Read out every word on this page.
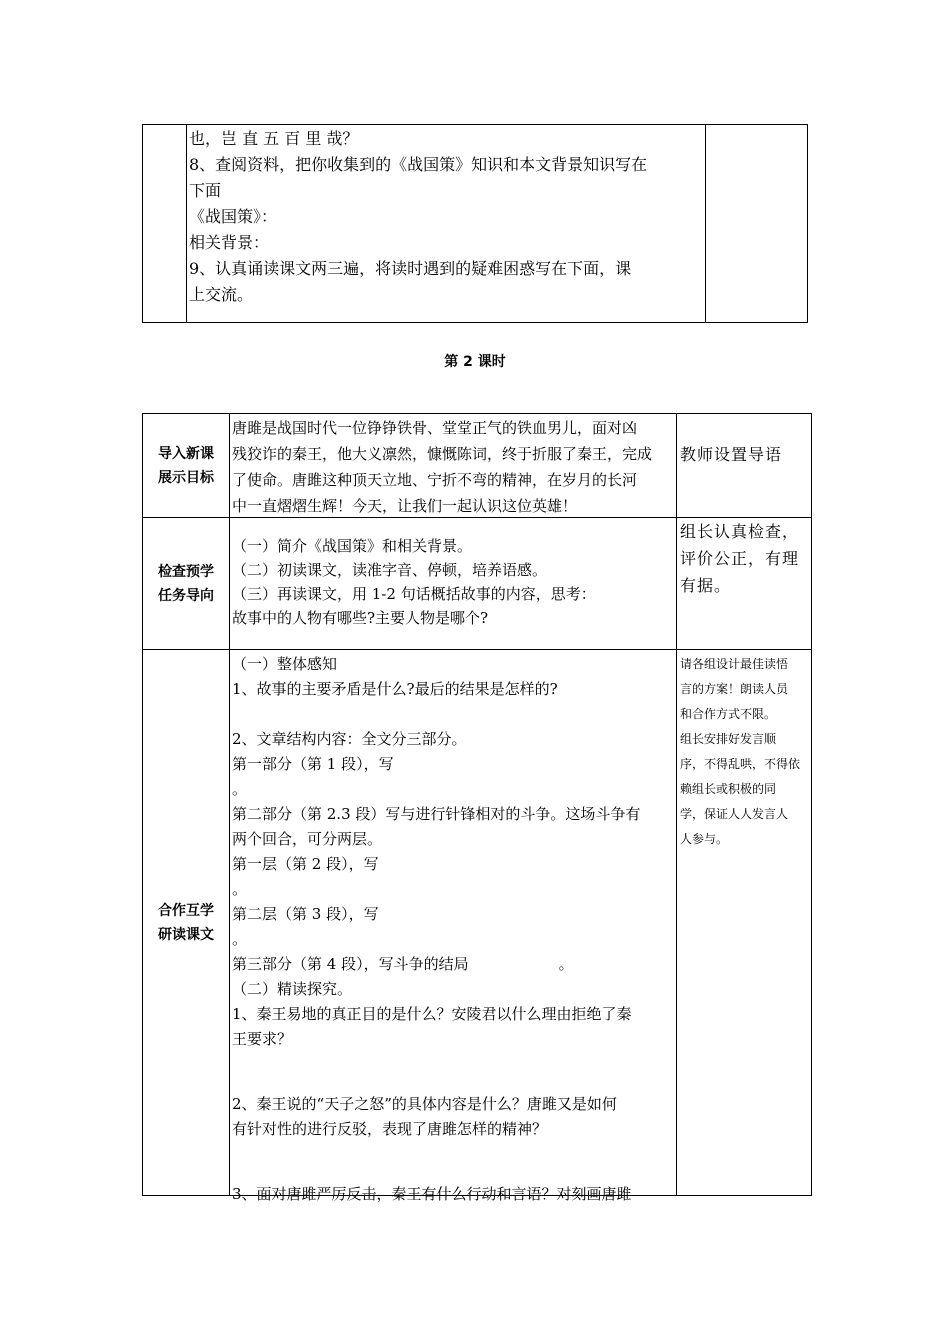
也，岂 直 五 百 里 哉？

8、查阅资料，把你收集到的《战国策》知识和本文背景知识写在

下面

《战国策》：

相关背景：

9、认真诵读课文两三遍，将读时遇到的疑难困惑写在下面，课

上交流。

第 2 课时
导入新课
展示目标

唐雎是战国时代一位铮铮铁骨、堂堂正气的铁血男儿，面对凶

残狡诈的秦王，他大义凛然，慷慨陈词，终于折服了秦王，完成

了使命。唐雎这种顶天立地、宁折不弯的精神，在岁月的长河

中一直熠熠生辉！今天，让我们一起认识这位英雄！

教师设置导语
检查预学
任务导向

（一）简介《战国策》和相关背景。

（二）初读课文，读准字音、停顿，培养语感。

（三）再读课文，用 1-2 句话概括故事的内容，思考：

故事中的人物有哪些?主要人物是哪个?

组长认真检查，

评价公正，有理

有据。

合作互学
研读课文

（一）整体感知

1、故事的主要矛盾是什么?最后的结果是怎样的?

2、文章结构内容：全文分三部分。

第一部分（第 1 段），写

。

第二部分（第 2.3 段）写与进行针锋相对的斗争。这场斗争有

两个回合，可分两层。

第一层（第 2 段），写

。

第二层（第 3 段），写

。

第三部分（第 4 段），写斗争的结局　　　　　　。

（二）精读探究。

1、秦王易地的真正目的是什么？安陵君以什么理由拒绝了秦

王要求？

2、秦王说的“天子之怒”的具体内容是什么？唐雎又是如何

有针对性的进行反驳，表现了唐雎怎样的精神？

3、面对唐雎严厉反击，秦王有什么行动和言语？对刻画唐雎

请各组设计最佳读悟

言的方案！朗读人员

和合作方式不限。

组长安排好发言顺

序，不得乱哄，不得依

赖组长或积极的同

学，保证人人发言人

人参与。
